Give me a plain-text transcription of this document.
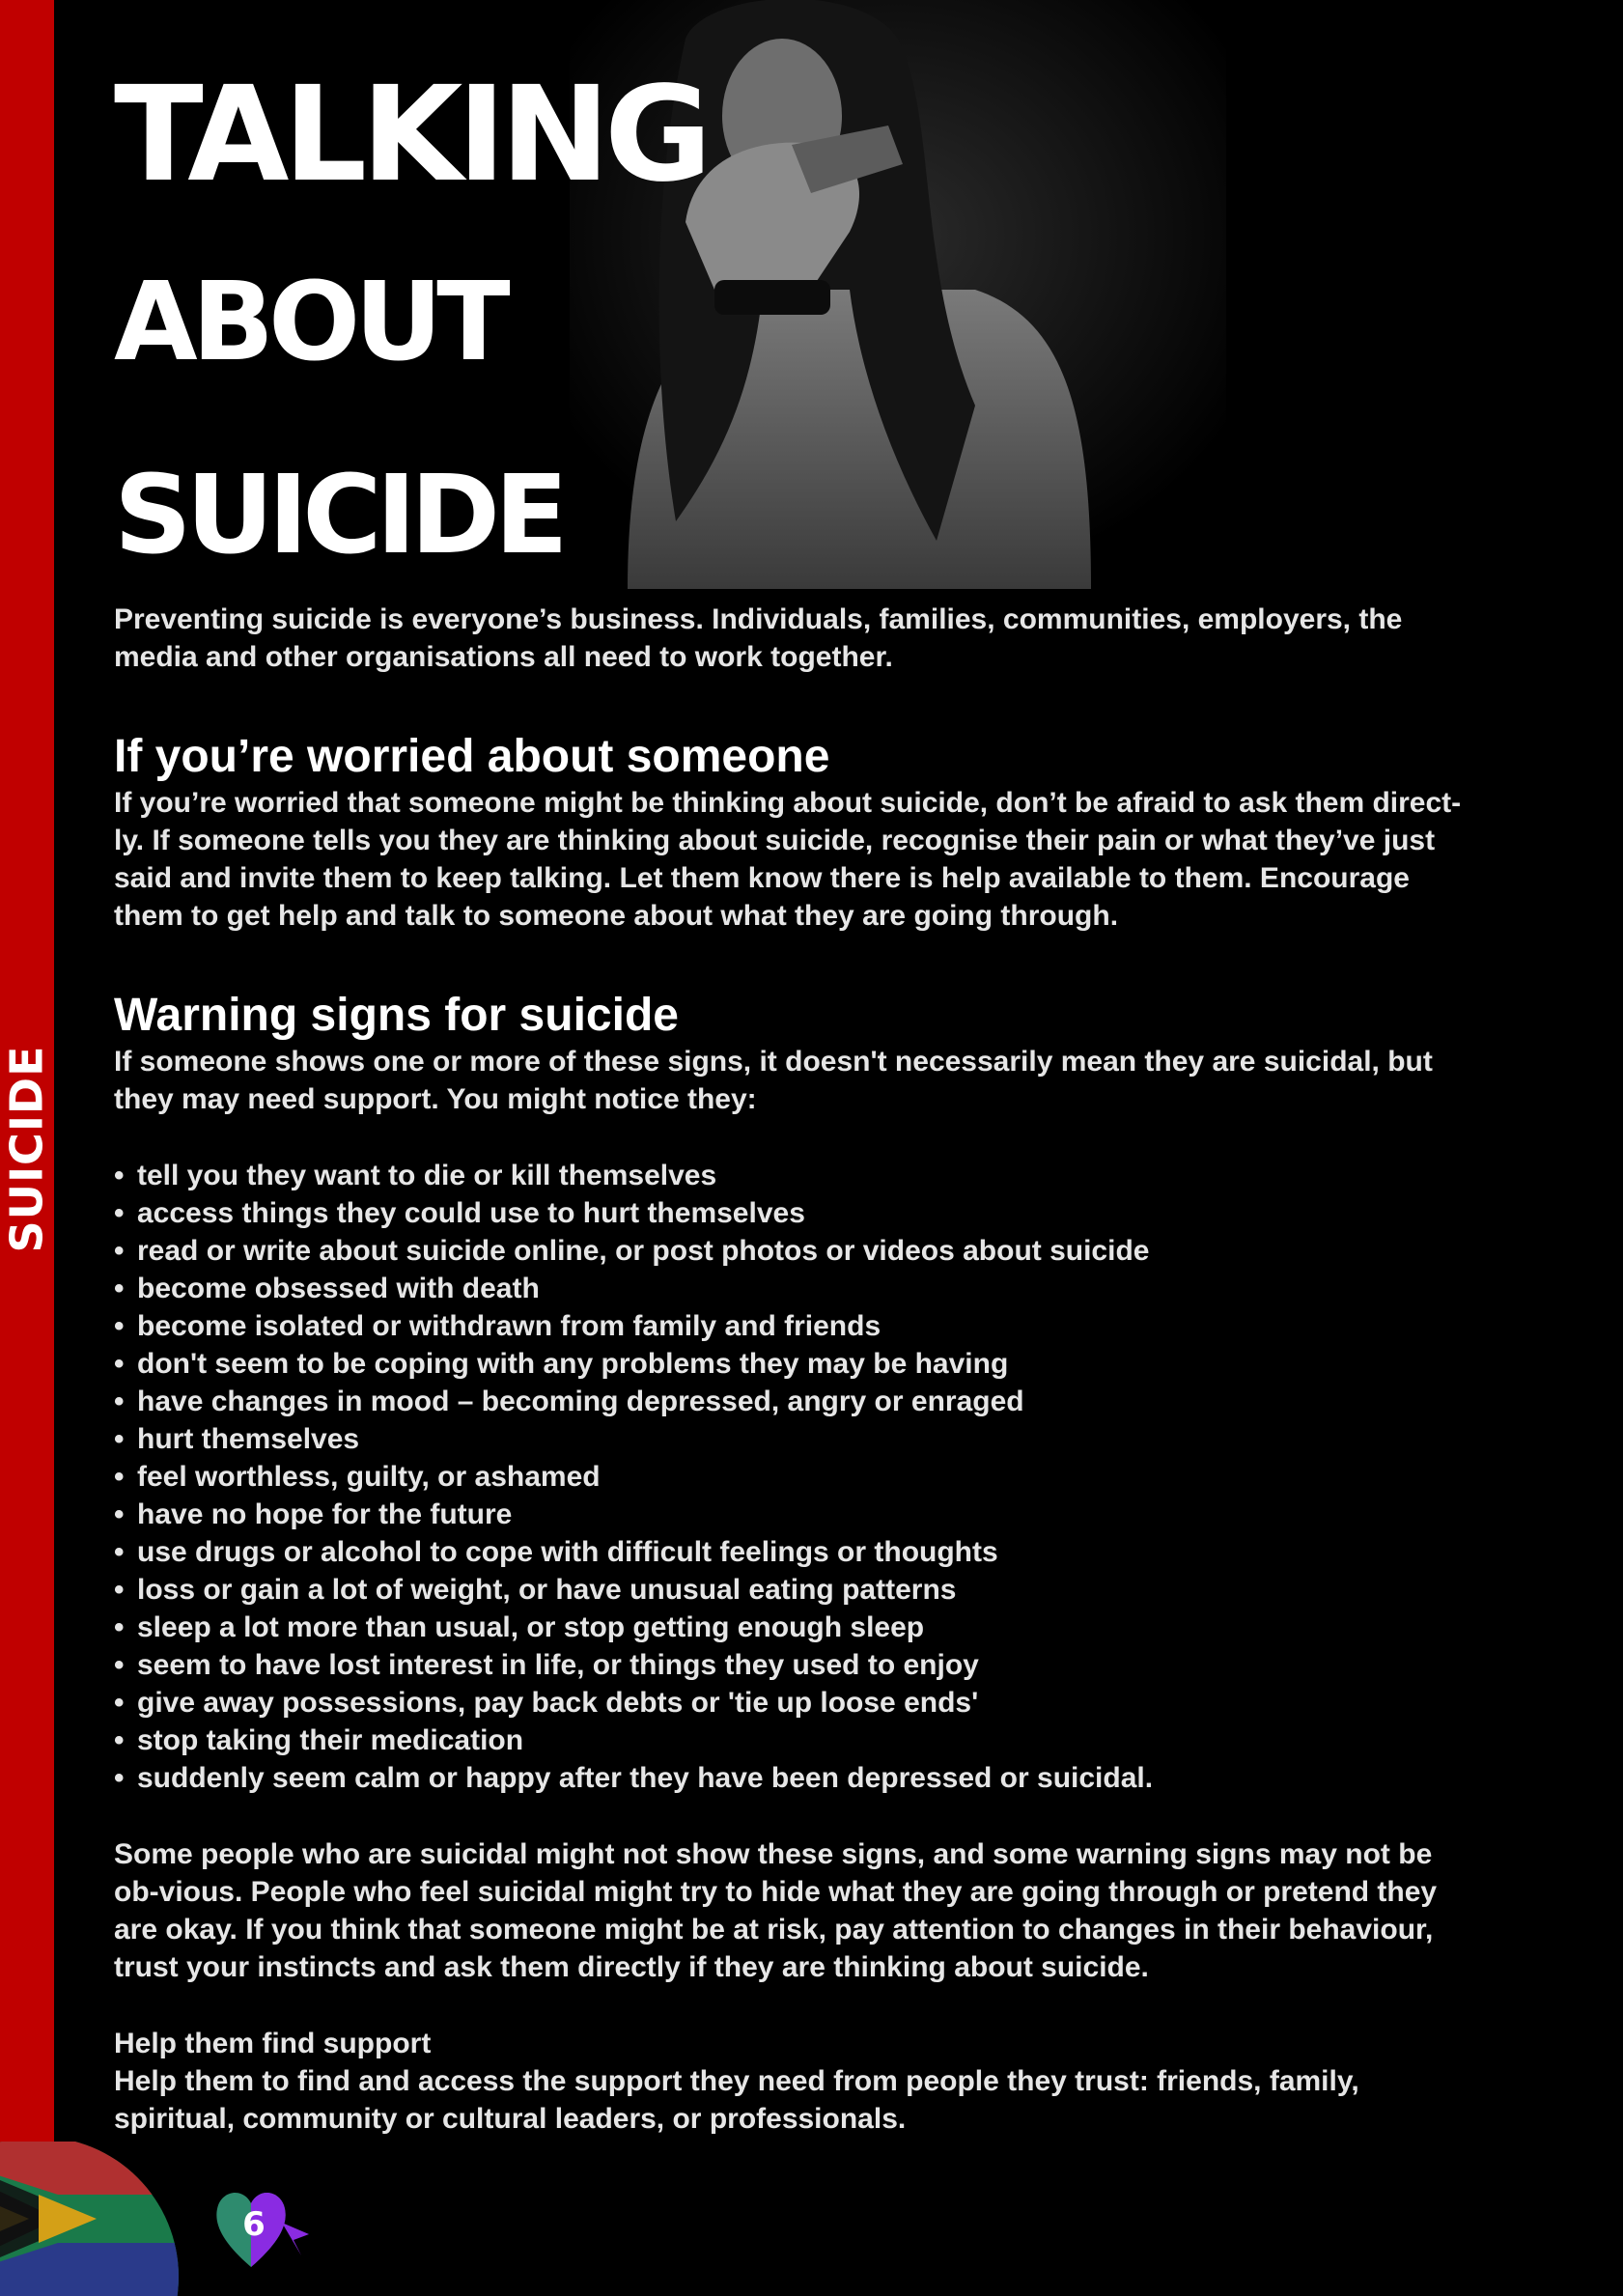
SUICIDE
TALKING
ABOUT
SUICIDE

Preventing suicide is everyone’s business. Individuals, families, communities, employers, the media and other organisations all need to work together.

If you’re worried about someone

If you’re worried that someone might be thinking about suicide, don’t be afraid to ask them direct-ly. If someone tells you they are thinking about suicide, recognise their pain or what they’ve just said and invite them to keep talking. Let them know there is help available to them. Encourage them to get help and talk to someone about what they are going through.

Warning signs for suicide

If someone shows one or more of these signs, it doesn't necessarily mean they are suicidal, but they may need support. You might notice they:

• tell you they want to die or kill themselves
• access things they could use to hurt themselves
• read or write about suicide online, or post photos or videos about suicide
• become obsessed with death
• become isolated or withdrawn from family and friends
• don't seem to be coping with any problems they may be having
• have changes in mood – becoming depressed, angry or enraged
• hurt themselves
• feel worthless, guilty, or ashamed
• have no hope for the future
• use drugs or alcohol to cope with difficult feelings or thoughts
• loss or gain a lot of weight, or have unusual eating patterns
• sleep a lot more than usual, or stop getting enough sleep
• seem to have lost interest in life, or things they used to enjoy
• give away possessions, pay back debts or 'tie up loose ends'
• stop taking their medication
• suddenly seem calm or happy after they have been depressed or suicidal.

Some people who are suicidal might not show these signs, and some warning signs may not be ob-vious. People who feel suicidal might try to hide what they are going through or pretend they are okay. If you think that someone might be at risk, pay attention to changes in their behaviour, trust your instincts and ask them directly if they are thinking about suicide.

Help them find support

Help them to find and access the support they need from people they trust: friends, family, spiritual, community or cultural leaders, or professionals.

6
